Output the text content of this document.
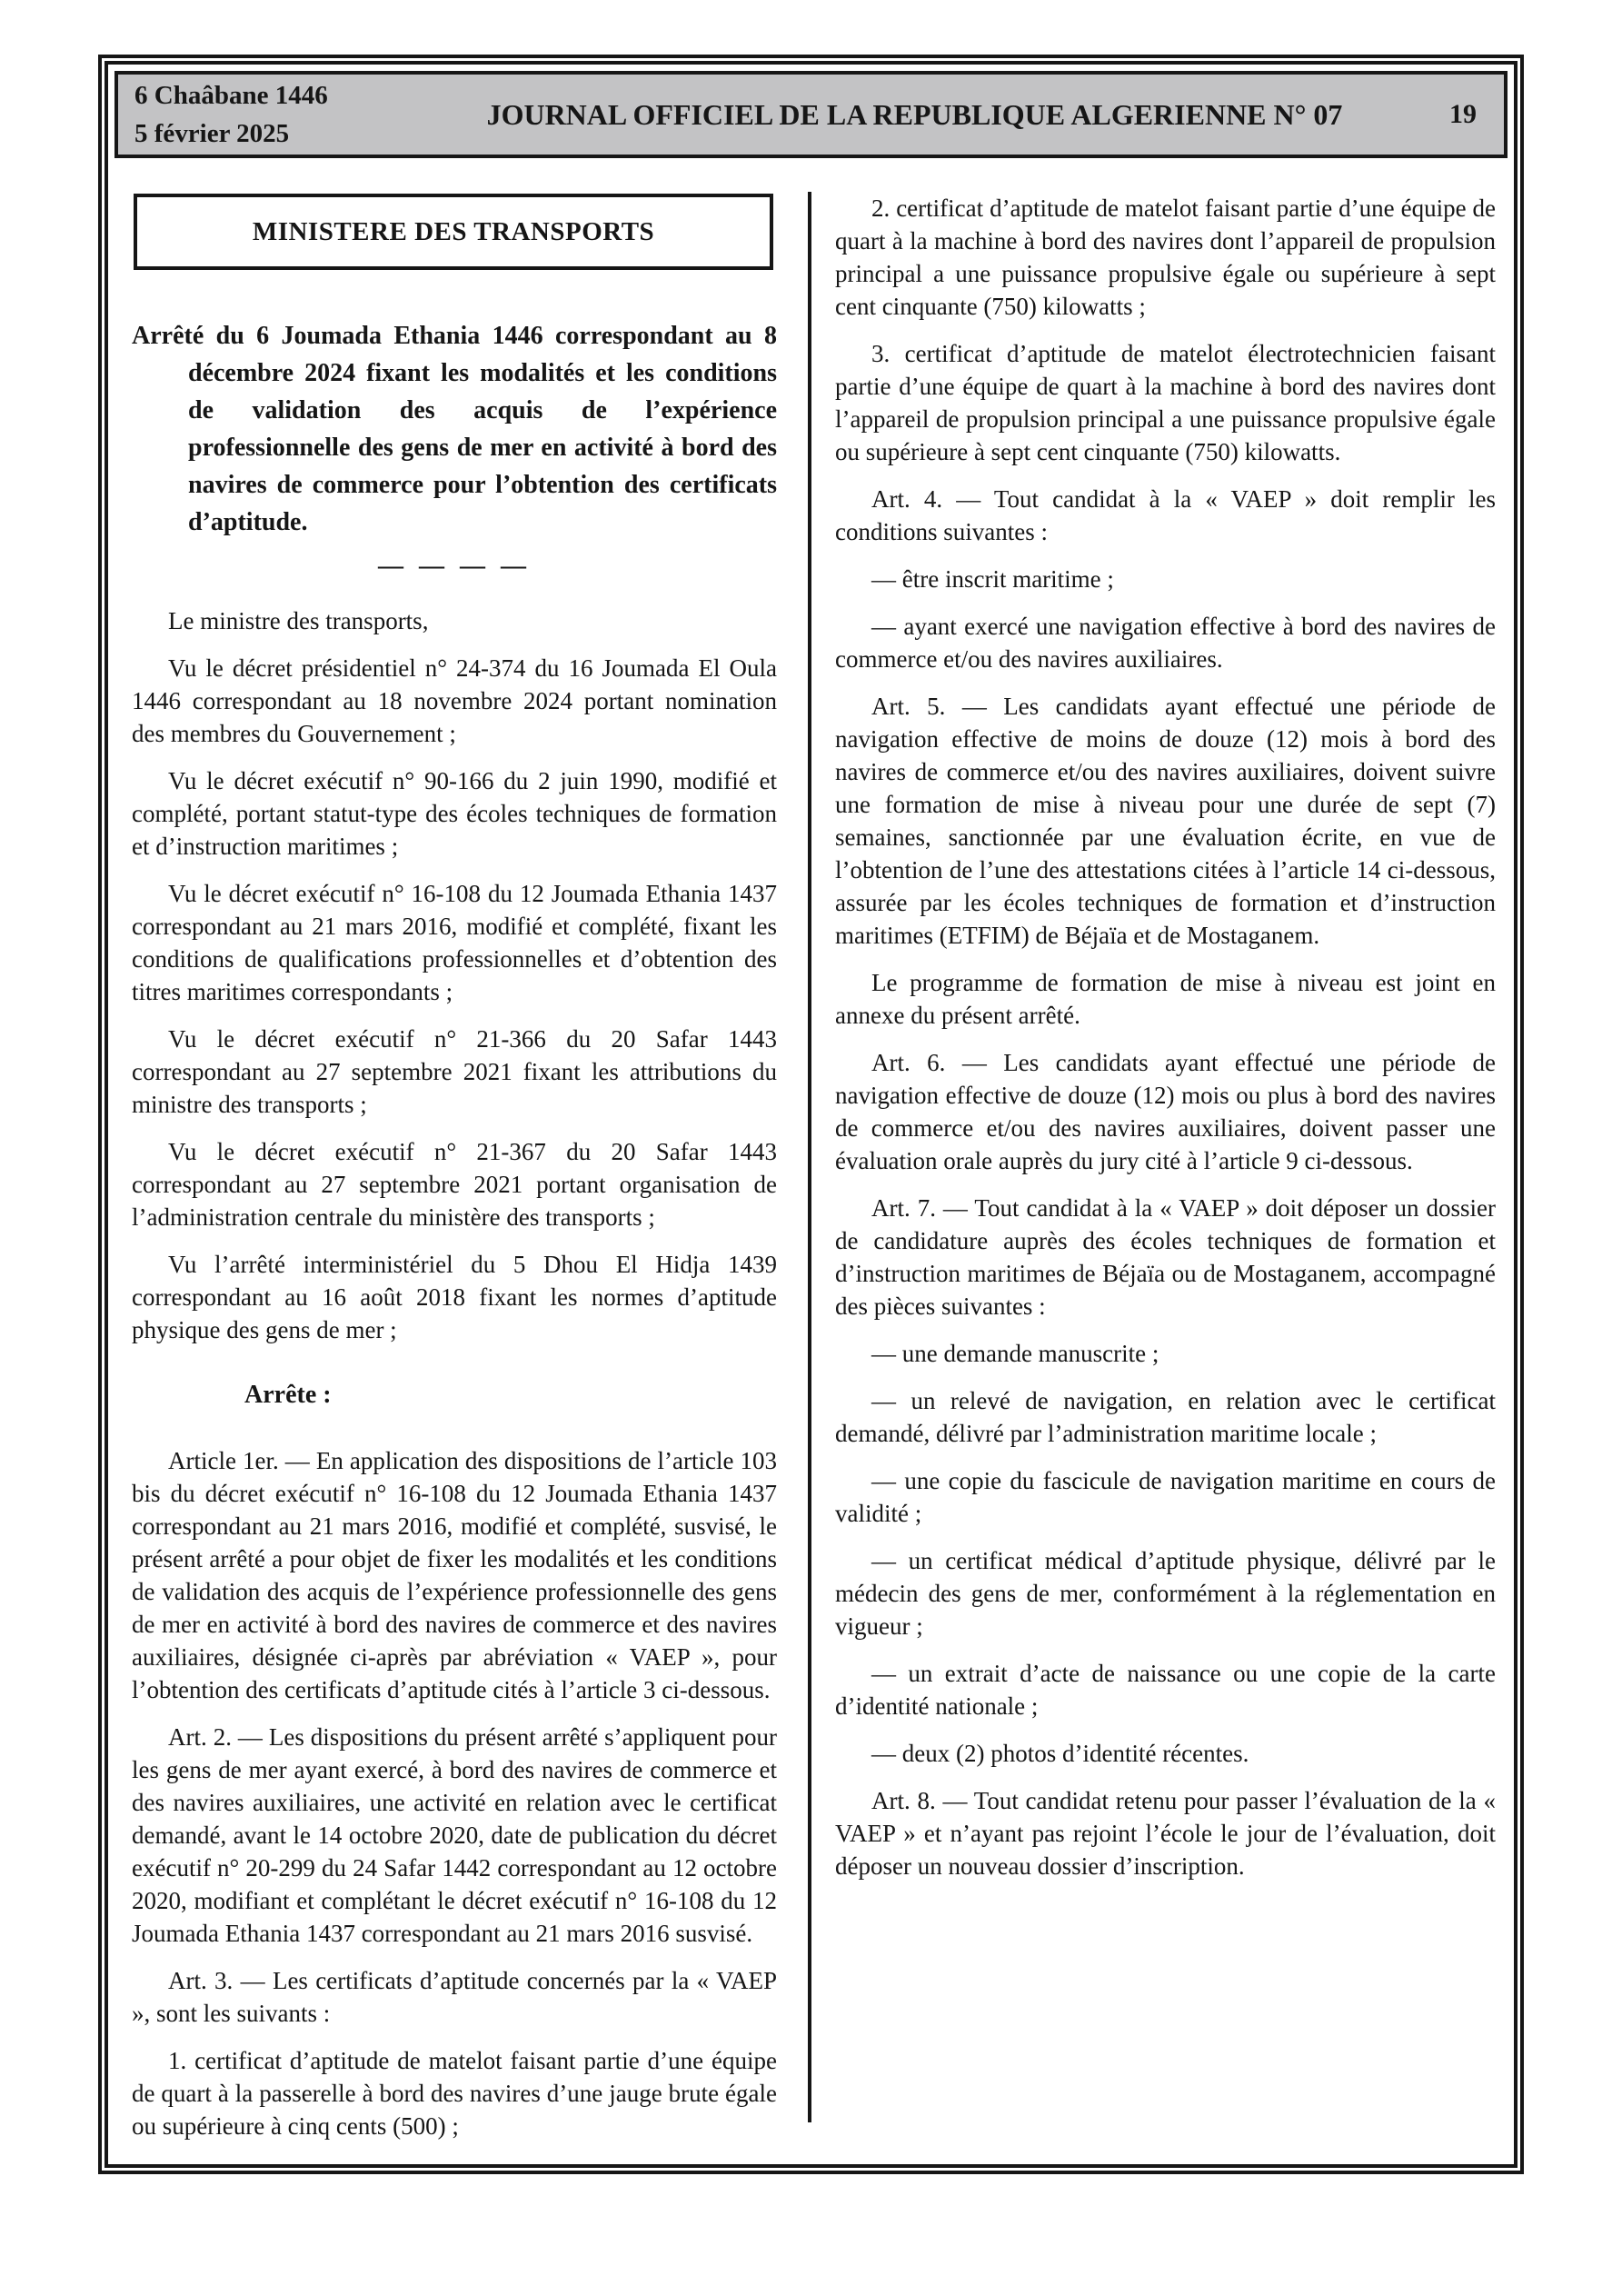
6 Chaâbane 1446
5 février 2025
JOURNAL OFFICIEL DE LA REPUBLIQUE ALGERIENNE N° 07	19
MINISTERE DES TRANSPORTS

Arrêté du 6 Joumada Ethania 1446 correspondant au 8 décembre 2024 fixant les modalités et les conditions de validation des acquis de l’expérience professionnelle des gens de mer en activité à bord des navires de commerce pour l’obtention des certificats d’aptitude.

— — — —

Le ministre des transports,

Vu le décret présidentiel n° 24-374 du 16 Joumada El Oula 1446 correspondant au 18 novembre 2024 portant nomination des membres du Gouvernement ;

Vu le décret exécutif n° 90-166 du 2 juin 1990, modifié et complété, portant statut-type des écoles techniques de formation et d’instruction maritimes ;

Vu le décret exécutif n° 16-108 du 12 Joumada Ethania 1437 correspondant au 21 mars 2016, modifié et complété, fixant les conditions de qualifications professionnelles et d’obtention des titres maritimes correspondants ;

Vu le décret exécutif n° 21-366 du 20 Safar 1443 correspondant au 27 septembre 2021 fixant les attributions du ministre des transports ;

Vu le décret exécutif n° 21-367 du 20 Safar 1443 correspondant au 27 septembre 2021 portant organisation de l’administration centrale du ministère des transports ;

Vu l’arrêté interministériel du 5 Dhou El Hidja 1439 correspondant au 16 août 2018 fixant les normes d’aptitude physique des gens de mer ;

Arrête :

Article 1er. — En application des dispositions de l’article 103 bis du décret exécutif n° 16-108 du 12 Joumada Ethania 1437 correspondant au 21 mars 2016, modifié et complété, susvisé, le présent arrêté a pour objet de fixer les modalités et les conditions de validation des acquis de l’expérience professionnelle des gens de mer en activité à bord des navires de commerce et des navires auxiliaires, désignée ci-après par abréviation « VAEP », pour l’obtention des certificats d’aptitude cités à l’article 3 ci-dessous.

Art. 2. — Les dispositions du présent arrêté s’appliquent pour les gens de mer ayant exercé, à bord des navires de commerce et des navires auxiliaires, une activité en relation avec le certificat demandé, avant le 14 octobre 2020, date de publication du décret exécutif n° 20-299 du 24 Safar 1442 correspondant au 12 octobre 2020, modifiant et complétant le décret exécutif n° 16-108 du 12 Joumada Ethania 1437 correspondant au 21 mars 2016 susvisé.

Art. 3. — Les certificats d’aptitude concernés par la « VAEP », sont les suivants :

1. certificat d’aptitude de matelot faisant partie d’une équipe de quart à la passerelle à bord des navires d’une jauge brute égale ou supérieure à cinq cents (500) ;

2. certificat d’aptitude de matelot faisant partie d’une équipe de quart à la machine à bord des navires dont l’appareil de propulsion principal a une puissance propulsive égale ou supérieure à sept cent cinquante (750) kilowatts ;

3. certificat d’aptitude de matelot électrotechnicien faisant partie d’une équipe de quart à la machine à bord des navires dont l’appareil de propulsion principal a une puissance propulsive égale ou supérieure à sept cent cinquante (750) kilowatts.

Art. 4. — Tout candidat à la « VAEP » doit remplir les conditions suivantes :

— être inscrit maritime ;

— ayant exercé une navigation effective à bord des navires de commerce et/ou des navires auxiliaires.

Art. 5. — Les candidats ayant effectué une période de navigation effective de moins de douze (12) mois à bord des navires de commerce et/ou des navires auxiliaires, doivent suivre une formation de mise à niveau pour une durée de sept (7) semaines, sanctionnée par une évaluation écrite, en vue de l’obtention de l’une des attestations citées à l’article 14 ci-dessous, assurée par les écoles techniques de formation et d’instruction maritimes (ETFIM) de Béjaïa et de Mostaganem.

Le programme de formation de mise à niveau est joint en annexe du présent arrêté.

Art. 6. — Les candidats ayant effectué une période de navigation effective de douze (12) mois ou plus à bord des navires de commerce et/ou des navires auxiliaires, doivent passer une évaluation orale auprès du jury cité à l’article 9 ci-dessous.

Art. 7. — Tout candidat à la « VAEP » doit déposer un dossier de candidature auprès des écoles techniques de formation et d’instruction maritimes de Béjaïa ou de Mostaganem, accompagné des pièces suivantes :

— une demande manuscrite ;

— un relevé de navigation, en relation avec le certificat demandé, délivré par l’administration maritime locale ;

— une copie du fascicule de navigation maritime en cours de validité ;

— un certificat médical d’aptitude physique, délivré par le médecin des gens de mer, conformément à la réglementation en vigueur ;

— un extrait d’acte de naissance ou une copie de la carte d’identité nationale ;

— deux (2) photos d’identité récentes.

Art. 8. — Tout candidat retenu pour passer l’évaluation de la « VAEP » et n’ayant pas rejoint l’école le jour de l’évaluation, doit déposer un nouveau dossier d’inscription.
